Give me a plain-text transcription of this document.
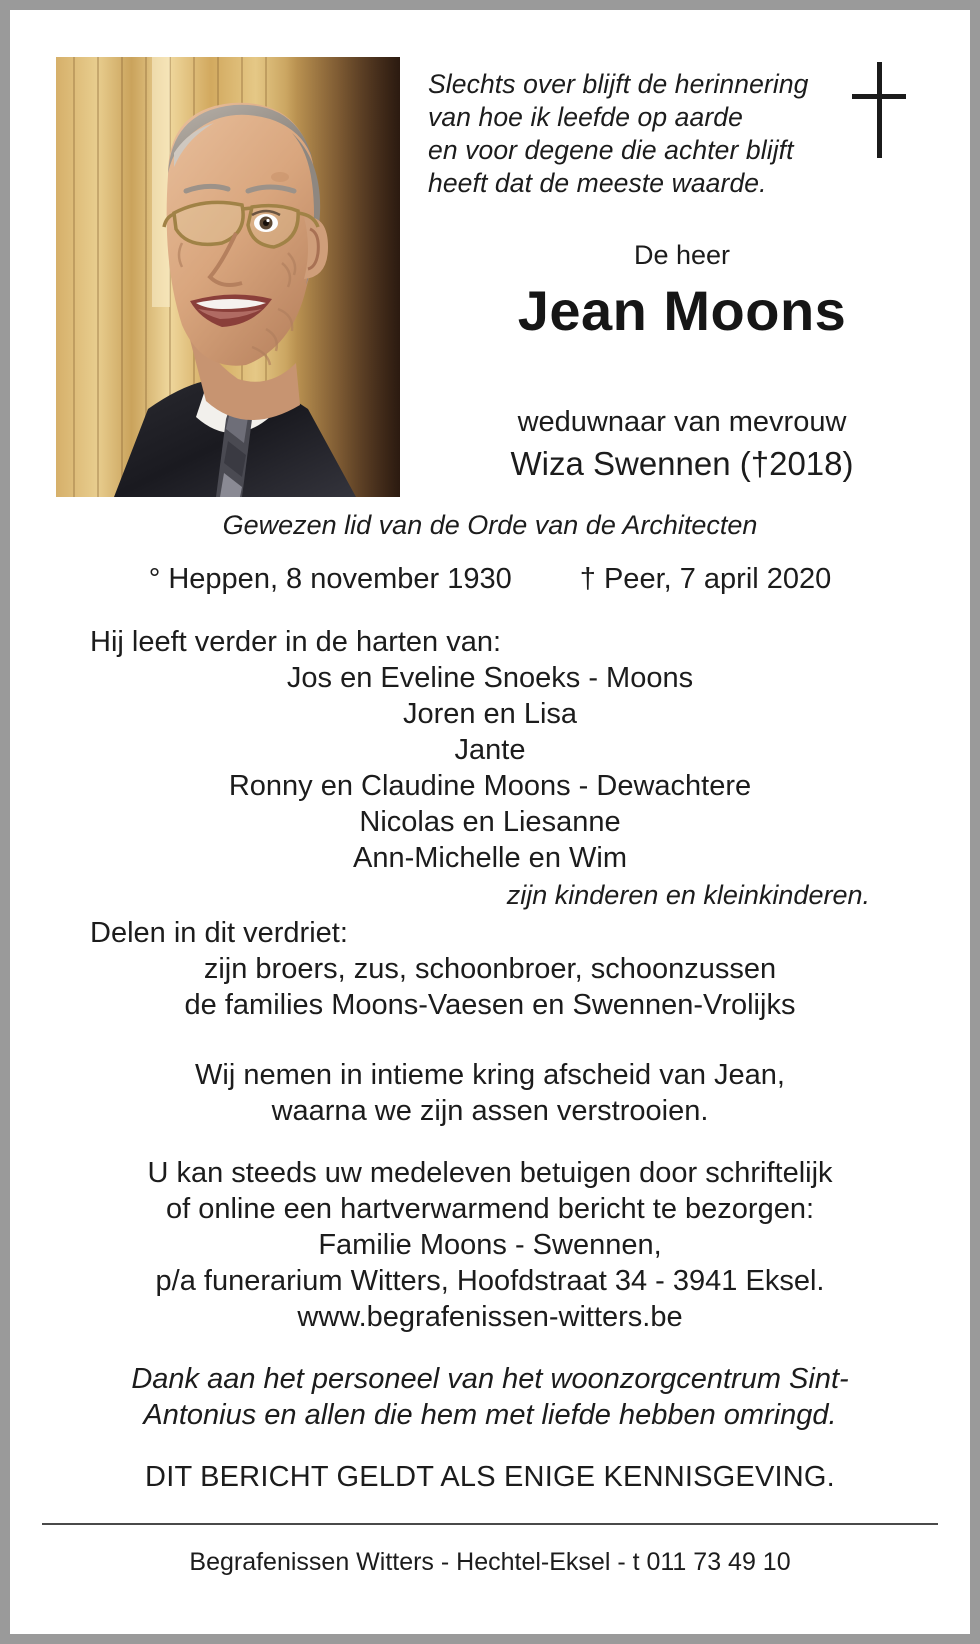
Slechts over blijft de herinnering
van hoe ik leefde op aarde
en voor degene die achter blijft
heeft dat de meeste waarde.
De heer
Jean Moons
weduwnaar van mevrouw
Wiza Swennen (†2018)
Gewezen lid van de Orde van de Architecten
° Heppen, 8 november 1930 † Peer, 7 april 2020
Hij leeft verder in de harten van:
Jos en Eveline Snoeks - Moons
Joren en Lisa
Jante
Ronny en Claudine Moons - Dewachtere
Nicolas en Liesanne
Ann-Michelle en Wim
zijn kinderen en kleinkinderen.
Delen in dit verdriet:
zijn broers, zus, schoonbroer, schoonzussen
de families Moons-Vaesen en Swennen-Vrolijks
Wij nemen in intieme kring afscheid van Jean,
waarna we zijn assen verstrooien.
U kan steeds uw medeleven betuigen door schriftelijk
of online een hartverwarmend bericht te bezorgen:
Familie Moons - Swennen,
p/a funerarium Witters, Hoofdstraat 34 - 3941 Eksel.
www.begrafenissen-witters.be
Dank aan het personeel van het woonzorgcentrum Sint-
Antonius en allen die hem met liefde hebben omringd.
DIT BERICHT GELDT ALS ENIGE KENNISGEVING.
Begrafenissen Witters - Hechtel-Eksel - t 011 73 49 10
